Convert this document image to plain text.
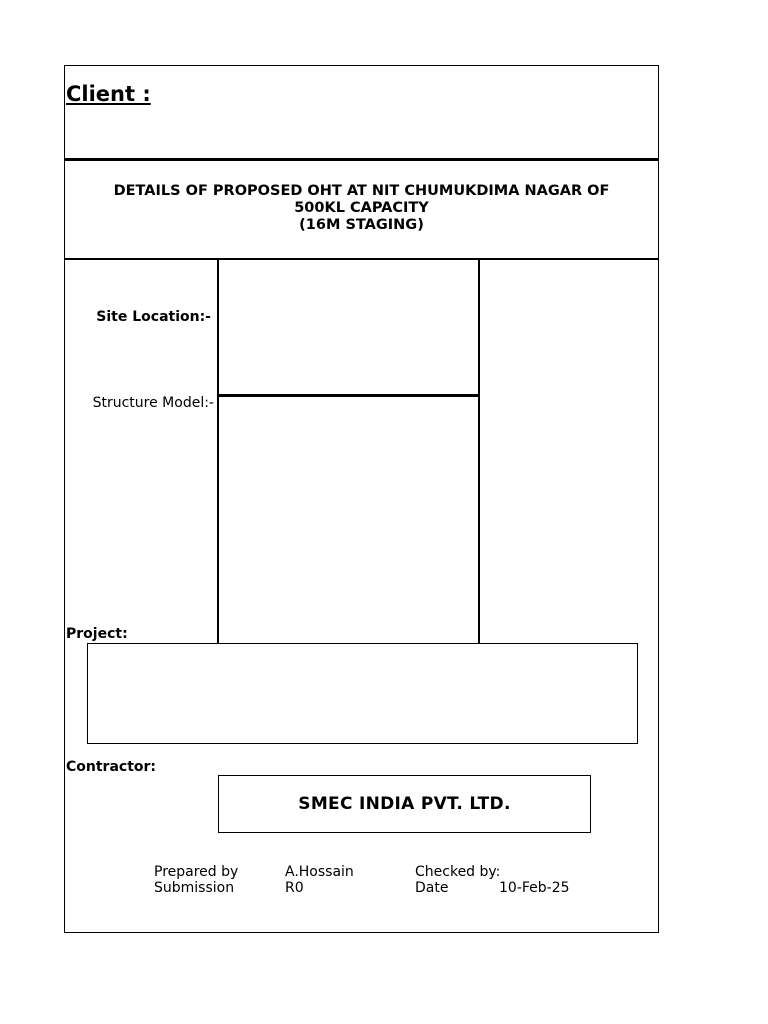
Client :
DETAILS OF PROPOSED OHT AT NIT CHUMUKDIMA NAGAR OF
500KL CAPACITY
(16M STAGING)
Site Location:-
Structure Model:-
Project:
Contractor:
SMEC INDIA PVT. LTD.
Prepared by	A.Hossain	Checked by:
Submission	R0	Date	10-Feb-25
